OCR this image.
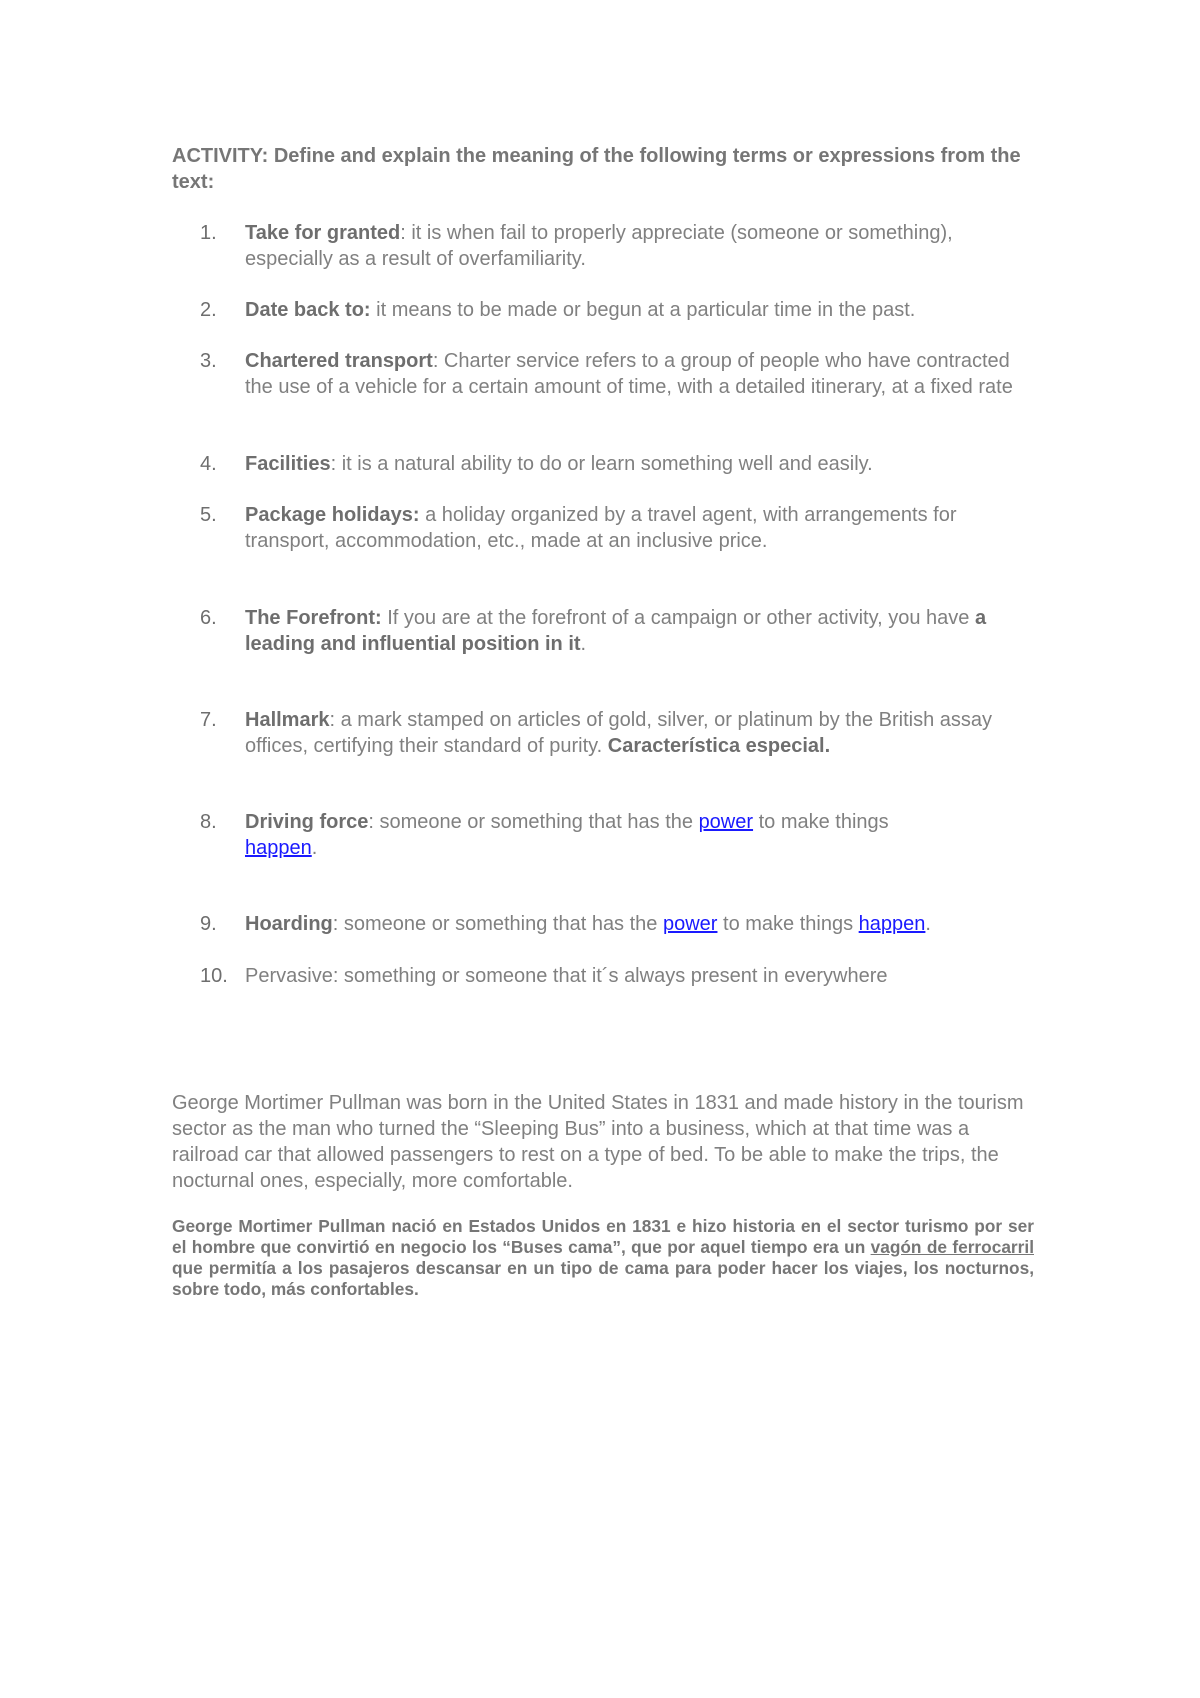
ACTIVITY: Define and explain the meaning of the following terms or expressions from the text:
1.	Take for granted: it is when fail to properly appreciate (someone or something), especially as a result of overfamiliarity.
2.	Date back to: it means to be made or begun at a particular time in the past.
3.	Chartered transport: Charter service refers to a group of people who have contracted the use of a vehicle for a certain amount of time, with a detailed itinerary, at a fixed rate
4.	Facilities: it is a natural ability to do or learn something well and easily.
5.	Package holidays: a holiday organized by a travel agent, with arrangements for transport, accommodation, etc., made at an inclusive price.
6.	The Forefront: If you are at the forefront of a campaign or other activity, you have a leading and influential position in it.
7.	Hallmark: a mark stamped on articles of gold, silver, or platinum by the British assay offices, certifying their standard of purity. Característica especial.
8.	Driving force: someone or something that has the power to make things happen.
9.	Hoarding: someone or something that has the power to make things happen.
10. Pervasive: something or someone that it´s always present in everywhere

George Mortimer Pullman was born in the United States in 1831 and made history in the tourism sector as the man who turned the “Sleeping Bus” into a business, which at that time was a railroad car that allowed passengers to rest on a type of bed. To be able to make the trips, the nocturnal ones, especially, more comfortable.

George Mortimer Pullman nació en Estados Unidos en 1831 e hizo historia en el sector turismo por ser el hombre que convirtió en negocio los “Buses cama”, que por aquel tiempo era un vagón de ferrocarril que permitía a los pasajeros descansar en un tipo de cama para poder hacer los viajes, los nocturnos, sobre todo, más confortables.
